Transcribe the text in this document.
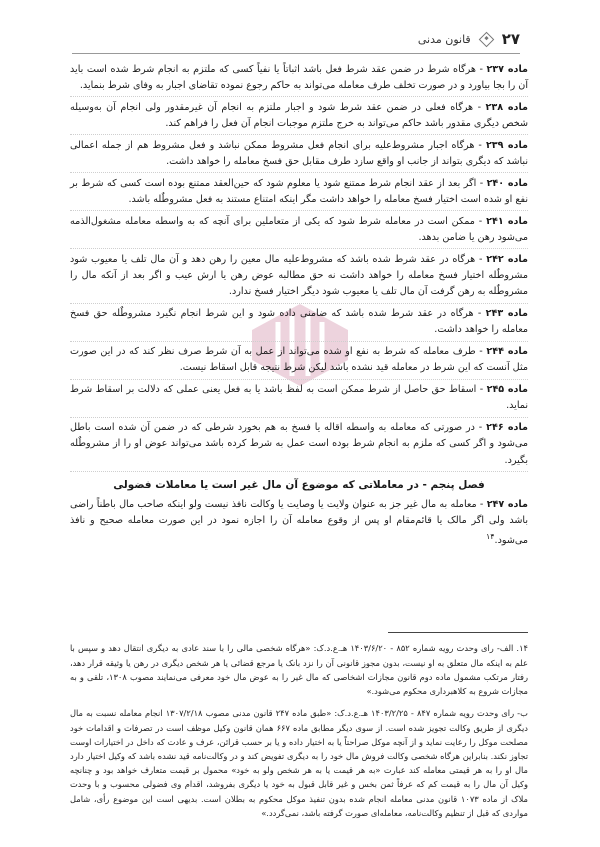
۲۷
قانون مدنی

ماده ۲۳۷ - هرگاه شرط در ضمن عقد شرط فعل باشد اثباتاً یا نفیاً کسی که ملتزم به انجام شرط شده است باید آن را بجا بیاورد و در صورت تخلف طرف معامله می‌تواند به حاکم رجوع نموده تقاضای اجبار به وفای شرط بنماید.

ماده ۲۳۸ - هرگاه فعلی در ضمن عقد شرط شود و اجبار ملتزم به انجام آن غیرمقدور ولی انجام آن به‌وسیله شخص دیگری مقدور باشد حاکم می‌تواند به خرج ملتزم موجبات انجام آن فعل را فراهم کند.

ماده ۲۳۹ - هرگاه اجبار مشروط‌علیه برای انجام فعل مشروط ممکن نباشد و فعل مشروط هم از جمله اعمالی نباشد که دیگری بتواند از جانب او واقع سازد طرف مقابل حق فسخ معامله را خواهد داشت.

ماده ۲۴۰ - اگر بعد از عقد انجام شرط ممتنع شود یا معلوم شود که حین‌العقد ممتنع بوده است کسی که شرط بر نفع او شده است اختیار فسخ معامله را خواهد داشت مگر اینکه امتناع مستند به فعل مشروطٌله باشد.

ماده ۲۴۱ - ممکن است در معامله شرط شود که یکی از متعاملین برای آنچه که به واسطه معامله مشغول‌الذمه می‌شود رهن یا ضامن بدهد.

ماده ۲۴۲ - هرگاه در عقد شرط شده باشد که مشروط‌علیه مال معین را رهن دهد و آن مال تلف یا معیوب شود مشروطٌله اختیار فسخ معامله را خواهد داشت نه حق مطالبه عوض رهن یا ارش عیب و اگر بعد از آنکه مال را مشروطٌله به رهن گرفت آن مال تلف یا معیوب شود دیگر اختیار فسخ ندارد.

ماده ۲۴۳ - هرگاه در عقد شرط شده باشد که ضامنی داده شود و این شرط انجام نگیرد مشروطٌله حق فسخ معامله را خواهد داشت.

ماده ۲۴۴ - طرف معامله که شرط به نفع او شده می‌تواند از عمل به آن شرط صرف نظر کند که در این صورت مثل آنست که این شرط در معامله قید نشده باشد لیکن شرط نتیجه قابل اسقاط نیست.

ماده ۲۴۵ - اسقاط حق حاصل از شرط ممکن است به لفظ باشد یا به فعل یعنی عملی که دلالت بر اسقاط شرط نماید.

ماده ۲۴۶ - در صورتی که معامله به واسطه اقاله یا فسخ به هم بخورد شرطی که در ضمن آن شده است باطل می‌شود و اگر کسی که ملزم به انجام شرط بوده است عمل به شرط کرده باشد می‌تواند عوض او را از مشروطٌله بگیرد.

فصل پنجم - در معاملاتی که موضوع آن مال غیر است یا معاملات فضولی

ماده ۲۴۷ - معامله به مال غیر جز به عنوان ولایت یا وصایت یا وکالت نافذ نیست ولو اینکه صاحب مال باطناً راضی باشد ولی اگر مالک یا قائم‌مقام او پس از وقوع معامله آن را اجازه نمود در این صورت معامله صحیح و نافذ می‌شود.$^{۱۴}$

۱۴. الف- رای وحدت رویه شماره ۸۵۲ - ۱۴۰۳/۶/۲۰ هـ.ع.د.ک: «هرگاه شخصی مالی را با سند عادی به دیگری انتقال دهد و سپس با علم به اینکه مال متعلق به او نیست، بدون مجوز قانونی آن را نزد بانک یا مرجع قضائی یا هر شخص دیگری در رهن یا وثیقه قرار دهد، رفتار مرتکب مشمول ماده دوم قانون مجازات اشخاصی که مال غیر را به عوض مال خود معرفی می‌نمایند مصوب ۱۳۰۸، تلقی و به مجازات شروع به کلاهبرداری محکوم می‌شود.»

ب- رای وحدت رویه شماره ۸۴۷ - ۱۴۰۳/۲/۲۵ هـ.ع.د.ک: «طبق ماده ۲۴۷ قانون مدنی مصوب ۱۳۰۷/۲/۱۸ انجام معامله نسبت به مال دیگری از طریق وکالت تجویز شده است. از سوی دیگر مطابق ماده ۶۶۷ همان قانون وکیل موظف است در تصرفات و اقدامات خود مصلحت موکل را رعایت نماید و از آنچه موکل صراحتاً یا به اختیار داده و یا بر حسب قرائن، عرف و عادت که داخل در اختیارات اوست تجاوز نکند. بنابراین هرگاه شخصی وکالت فروش مال خود را به دیگری تفویض کند و در وکالت‌نامه قید نشده باشد که وکیل اختیار دارد مال او را به هر قیمتی معامله کند عبارت «به هر قیمت یا به هر شخص ولو به خود» محمول بر قیمت متعارف خواهد بود و چنانچه وکیل آن مال را به قیمت کم که عرفاً ثمن بخس و غیر قابل قبول به خود یا دیگری بفروشد، اقدام وی فضولی محسوب و با وحدت ملاک از ماده ۱۰۷۳ قانون مدنی معامله انجام شده بدون تنفیذ موکل محکوم به بطلان است. بدیهی است این موضوع رأی، شامل مواردی که قبل از تنظیم وکالت‌نامه، معامله‌ای صورت گرفته باشد، نمی‌گردد.»
